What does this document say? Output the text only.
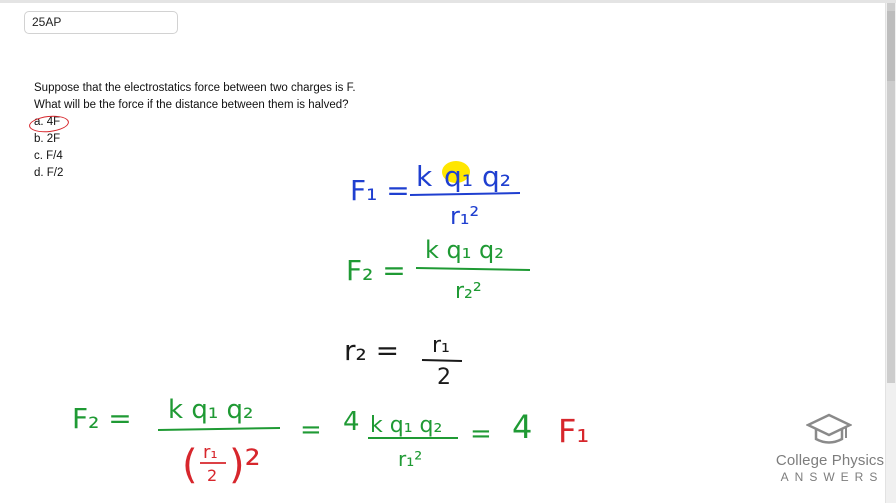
25AP
Suppose that the electrostatics force between two charges is F.
What will be the force if the distance between them is halved?
a. 4F
b. 2F
c. F/4
d. F/2
F₁ = k q₁ q₂
r₁²
F₂ =
k q₁ q₂
r₂²
r₂ = r₁
2
F₂ = k q₁ q₂
( r₁
2 )²
= 4 k q₁ q₂
r₁²
= 4 F₁
College Physics
ANSWERS
